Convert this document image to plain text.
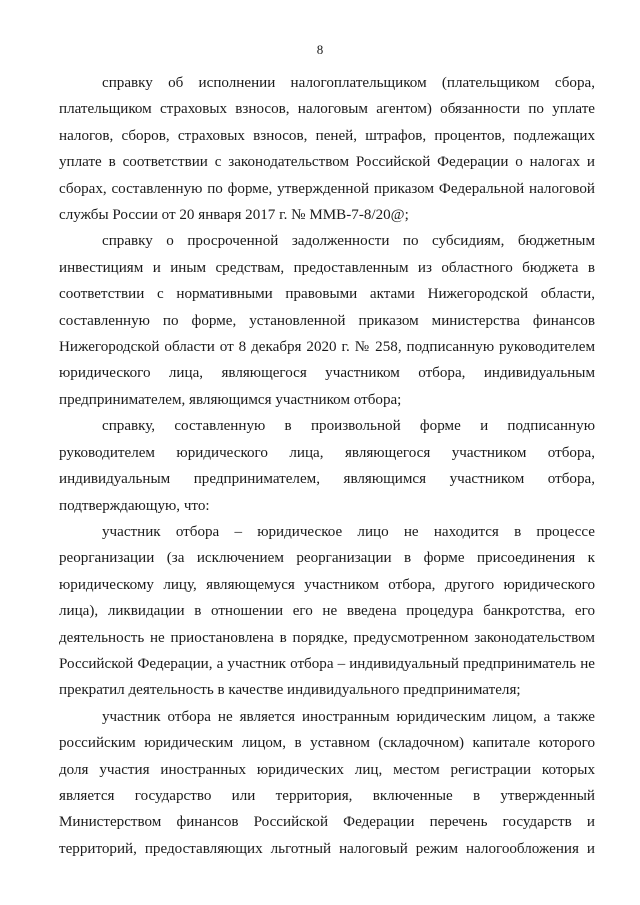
8

справку об исполнении налогоплательщиком (плательщиком сбора, плательщиком страховых взносов, налоговым агентом) обязанности по уплате налогов, сборов, страховых взносов, пеней, штрафов, процентов, подлежащих уплате в соответствии с законодательством Российской Федерации о налогах и сборах, составленную по форме, утвержденной приказом Федеральной налоговой службы России от 20 января 2017 г. № ММВ-7-8/20@;

справку о просроченной задолженности по субсидиям, бюджетным инвестициям и иным средствам, предоставленным из областного бюджета в соответствии с нормативными правовыми актами Нижегородской области, составленную по форме, установленной приказом министерства финансов Нижегородской области от 8 декабря 2020 г. № 258, подписанную руководителем юридического лица, являющегося участником отбора, индивидуальным предпринимателем, являющимся участником отбора;

справку, составленную в произвольной форме и подписанную руководителем юридического лица, являющегося участником отбора, индивидуальным предпринимателем, являющимся участником отбора, подтверждающую, что:

участник отбора – юридическое лицо не находится в процессе реорганизации (за исключением реорганизации в форме присоединения к юридическому лицу, являющемуся участником отбора, другого юридического лица), ликвидации в отношении его не введена процедура банкротства, его деятельность не приостановлена в порядке, предусмотренном законодательством Российской Федерации, а участник отбора – индивидуальный предприниматель не прекратил деятельность в качестве индивидуального предпринимателя;

участник отбора не является иностранным юридическим лицом, а также российским юридическим лицом, в уставном (складочном) капитале которого доля участия иностранных юридических лиц, местом регистрации которых является государство или территория, включенные в утвержденный Министерством финансов Российской Федерации перечень государств и территорий, предоставляющих льготный налоговый режим налогообложения и
